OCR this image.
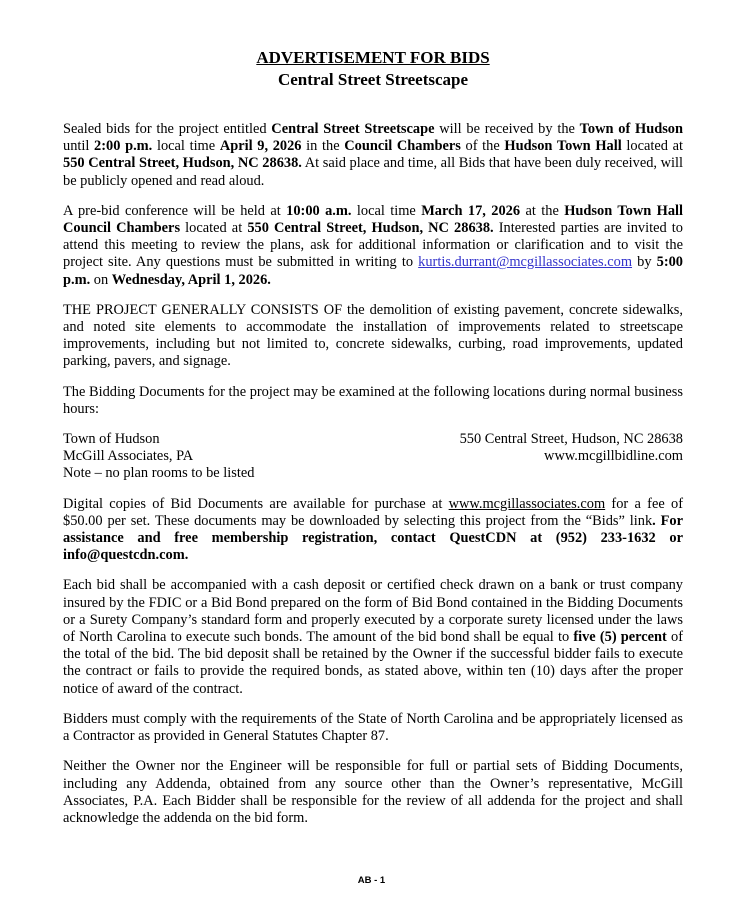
ADVERTISEMENT FOR BIDS
Central Street Streetscape

Sealed bids for the project entitled Central Street Streetscape will be received by the Town of Hudson until 2:00 p.m. local time April 9, 2026 in the Council Chambers of the Hudson Town Hall located at 550 Central Street, Hudson, NC 28638. At said place and time, all Bids that have been duly received, will be publicly opened and read aloud.

A pre-bid conference will be held at 10:00 a.m. local time March 17, 2026 at the Hudson Town Hall Council Chambers located at 550 Central Street, Hudson, NC 28638. Interested parties are invited to attend this meeting to review the plans, ask for additional information or clarification and to visit the project site. Any questions must be submitted in writing to kurtis.durrant@mcgillassociates.com by 5:00 p.m. on Wednesday, April 1, 2026.

THE PROJECT GENERALLY CONSISTS OF the demolition of existing pavement, concrete sidewalks, and noted site elements to accommodate the installation of improvements related to streetscape improvements, including but not limited to, concrete sidewalks, curbing, road improvements, updated parking, pavers, and signage.

The Bidding Documents for the project may be examined at the following locations during normal business hours:

Town of Hudson	550 Central Street, Hudson, NC 28638
McGill Associates, PA	www.mcgillbidline.com
Note – no plan rooms to be listed

Digital copies of Bid Documents are available for purchase at www.mcgillassociates.com for a fee of $50.00 per set. These documents may be downloaded by selecting this project from the “Bids” link. For assistance and free membership registration, contact QuestCDN at (952) 233-1632 or info@questcdn.com.

Each bid shall be accompanied with a cash deposit or certified check drawn on a bank or trust company insured by the FDIC or a Bid Bond prepared on the form of Bid Bond contained in the Bidding Documents or a Surety Company’s standard form and properly executed by a corporate surety licensed under the laws of North Carolina to execute such bonds. The amount of the bid bond shall be equal to five (5) percent of the total of the bid. The bid deposit shall be retained by the Owner if the successful bidder fails to execute the contract or fails to provide the required bonds, as stated above, within ten (10) days after the proper notice of award of the contract.

Bidders must comply with the requirements of the State of North Carolina and be appropriately licensed as a Contractor as provided in General Statutes Chapter 87.

Neither the Owner nor the Engineer will be responsible for full or partial sets of Bidding Documents, including any Addenda, obtained from any source other than the Owner’s representative, McGill Associates, P.A. Each Bidder shall be responsible for the review of all addenda for the project and shall acknowledge the addenda on the bid form.

AB - 1
